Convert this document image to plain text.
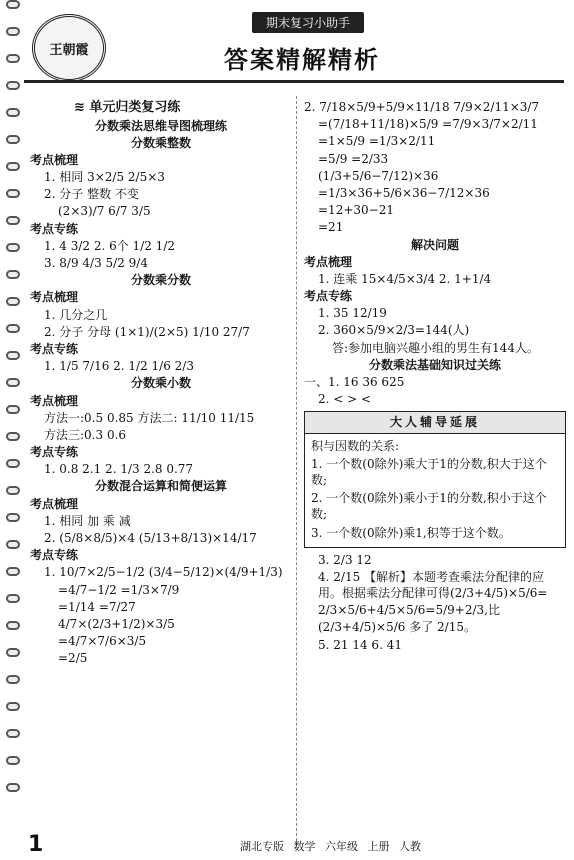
王朝霞
期末复习小助手
答案精解精析
≋ 单元归类复习练
分数乘法思维导图梳理练
分数乘整数
考点梳理
1. 相同 3×2/5 2/5×3
2. 分子 整数 不变
(2×3)/7 6/7 3/5
考点专练
1. 4 3/2 2. 6个 1/2 1/2
3. 8/9 4/3 5/2 9/4
分数乘分数
考点梳理
1. 几分之几
2. 分子 分母 (1×1)/(2×5) 1/10 27/7
考点专练
1. 1/5 7/16 2. 1/2 1/6 2/3
分数乘小数
考点梳理
方法一:0.5 0.85 方法二: 11/10 11/15
方法三:0.3 0.6
考点专练
1. 0.8 2.1 2. 1/3 2.8 0.77
分数混合运算和简便运算
考点梳理
1. 相同 加 乘 减
2. (5/8×8/5)×4 (5/13+8/13)×14/17
考点专练
1. 10/7×2/5−1/2 (3/4−5/12)×(4/9+1/3)
=4/7−1/2 =1/3×7/9
=1/14 =7/27
4/7×(2/3+1/2)×3/5
=4/7×7/6×3/5
=2/5
2. 7/18×5/9+5/9×11/18 7/9×2/11×3/7
=(7/18+11/18)×5/9 =7/9×3/7×2/11
=1×5/9 =1/3×2/11
=5/9 =2/33
(1/3+5/6−7/12)×36
=1/3×36+5/6×36−7/12×36
=12+30−21
=21
解决问题
考点梳理
1. 连乘 15×4/5×3/4 2. 1+1/4
考点专练
1. 35 12/19
2. 360×5/9×2/3=144(人)
答:参加电脑兴趣小组的男生有144人。
分数乘法基础知识过关练
一、1. 16 36 625
2. < > <
大人辅导延展
积与因数的关系:
1. 一个数(0除外)乘大于1的分数,积大于这个数;
2. 一个数(0除外)乘小于1的分数,积小于这个数;
3. 一个数(0除外)乘1,积等于这个数。
3. 2/3 12
4. 2/15 【解析】本题考查乘法分配律的应用。根据乘法分配律可得(2/3+4/5)×5/6=
2/3×5/6+4/5×5/6=5/9+2/3,比
(2/3+4/5)×5/6 多了 2/15。
5. 21 14 6. 41
1	湖北专版 数学 六年级 上册 人教
